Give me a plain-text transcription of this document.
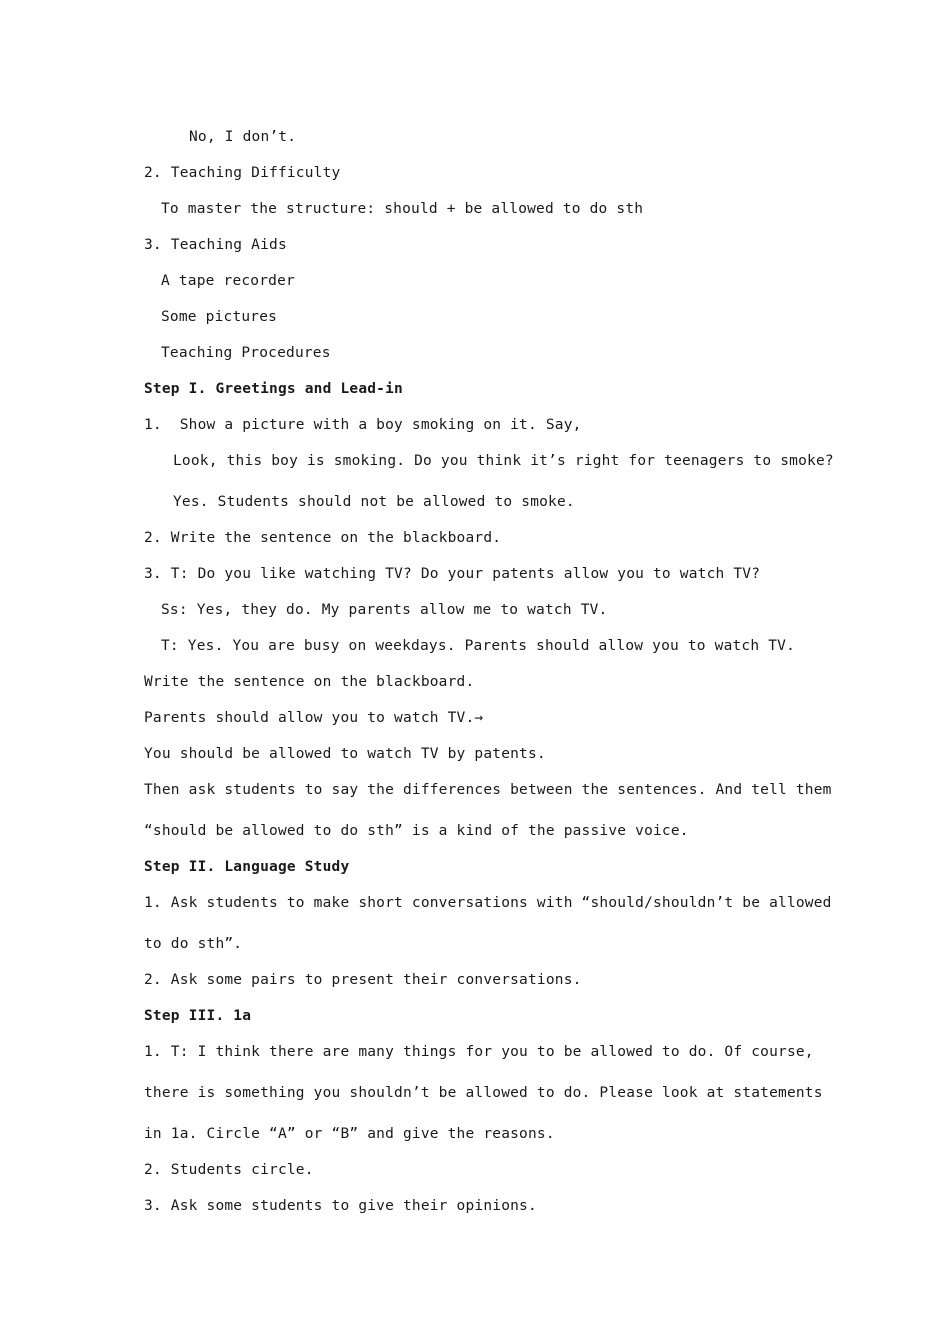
No, I don’t.
2. Teaching Difficulty
To master the structure: should + be allowed to do sth
3. Teaching Aids
A tape recorder
Some pictures
Teaching Procedures
Step I. Greetings and Lead-in
1.  Show a picture with a boy smoking on it. Say,
Look, this boy is smoking. Do you think it’s right for teenagers to smoke?
Yes. Students should not be allowed to smoke.
2. Write the sentence on the blackboard.
3. T: Do you like watching TV? Do your patents allow you to watch TV?
Ss: Yes, they do. My parents allow me to watch TV.
T: Yes. You are busy on weekdays. Parents should allow you to watch TV.
Write the sentence on the blackboard.
Parents should allow you to watch TV.→
You should be allowed to watch TV by patents.
Then ask students to say the differences between the sentences. And tell them
“should be allowed to do sth” is a kind of the passive voice.
Step II. Language Study
1. Ask students to make short conversations with “should/shouldn’t be allowed
to do sth”.
2. Ask some pairs to present their conversations.
Step III. 1a
1. T: I think there are many things for you to be allowed to do. Of course,
there is something you shouldn’t be allowed to do. Please look at statements
in 1a. Circle “A” or “B” and give the reasons.
2. Students circle.
3. Ask some students to give their opinions.
